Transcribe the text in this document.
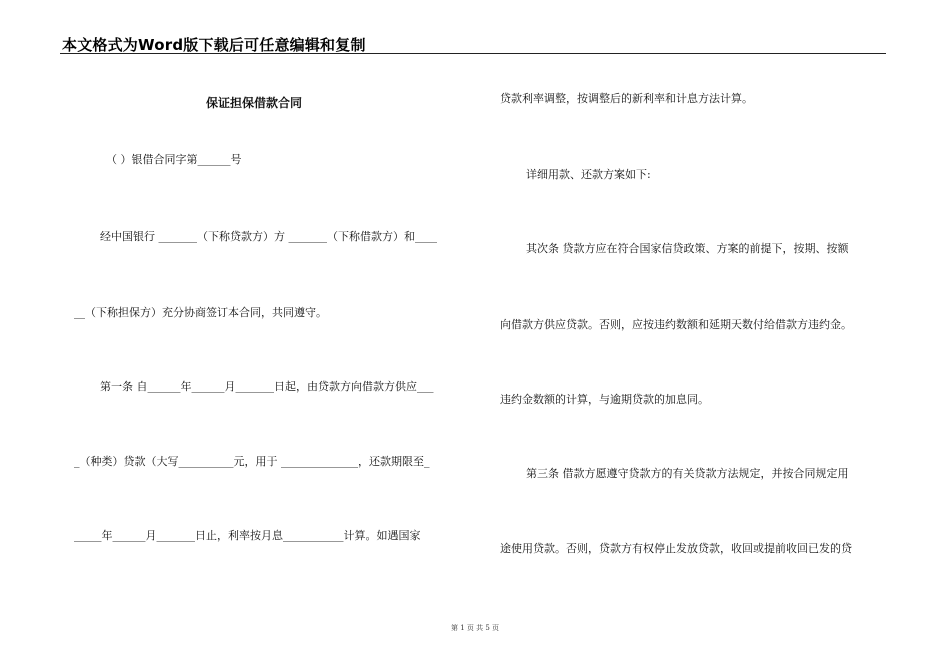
本文格式为Word版下载后可任意编辑和复制
保证担保借款合同
（ ）银借合同字第______号
经中国银行 _______（下称贷款方）方 _______（下称借款方）和____
__（下称担保方）充分协商签订本合同，共同遵守。
第一条 自______年______月_______日起，由贷款方向借款方供应___
_（种类）贷款（大写__________元，用于 ______________，还款期限至_
_____年______月_______日止，利率按月息___________计算。如遇国家
贷款利率调整，按调整后的新利率和计息方法计算。
详细用款、还款方案如下:
其次条 贷款方应在符合国家信贷政策、方案的前提下，按期、按额
向借款方供应贷款。否则，应按违约数额和延期天数付给借款方违约金。
违约金数额的计算，与逾期贷款的加息同。
第三条 借款方愿遵守贷款方的有关贷款方法规定，并按合同规定用
途使用贷款。否则，贷款方有权停止发放贷款，收回或提前收回已发的贷
第 1 页 共 5 页
